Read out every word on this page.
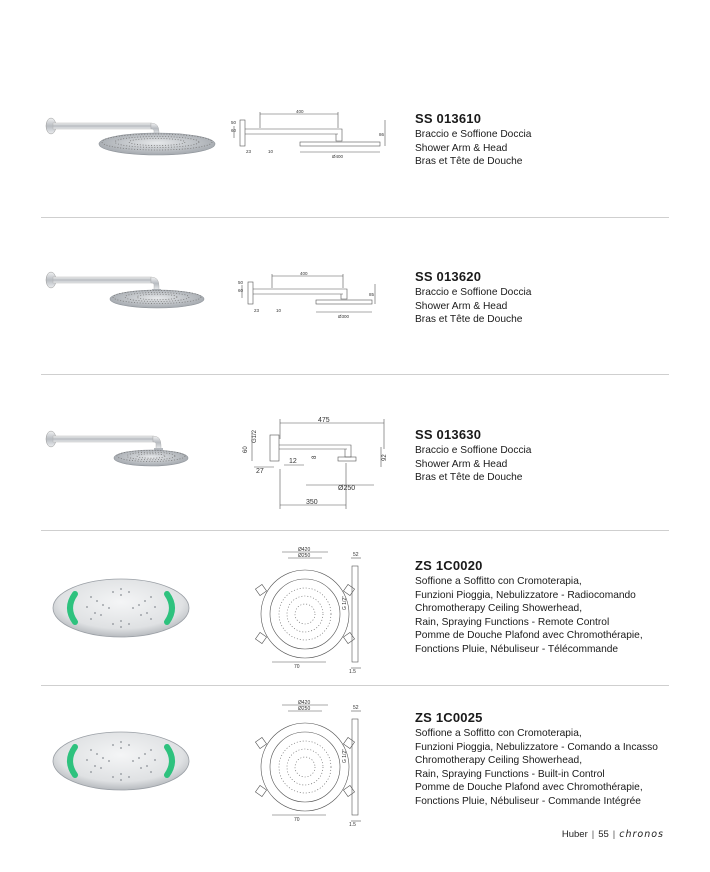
400
Ø400
50
60
23	10
86
SS 013610
Braccio e Soffione Doccia
Shower Arm & Head
Bras et Tête de Douche
400
Ø300
50
60
23	10
85
SS 013620
Braccio e Soffione Doccia
Shower Arm & Head
Bras et Tête de Douche
475
Ø250
G1/2
60
27
12
8	92
350
SS 013630
Braccio e Soffione Doccia
Shower Arm & Head
Bras et Tête de Douche
Ø420
Ø250
G 1/2"
70
52
1.5
ZS 1C0020
Soffione a Soffitto con Cromoterapia,
Funzioni Pioggia, Nebulizzatore - Radiocomando
Chromotherapy Ceiling Showerhead,
Rain, Spraying Functions - Remote Control
Pomme de Douche Plafond avec Chromothérapie,
Fonctions Pluie, Nébuliseur - Télécommande
Ø420
Ø250
G 1/2"
70
52
1.5
ZS 1C0025
Soffione a Soffitto con Cromoterapia,
Funzioni Pioggia, Nebulizzatore - Comando a Incasso
Chromotherapy Ceiling Showerhead,
Rain, Spraying Functions - Built-in Control
Pomme de Douche Plafond avec Chromothérapie,
Fonctions Pluie, Nébuliseur - Commande Intégrée
Huber | 55 | chronos
